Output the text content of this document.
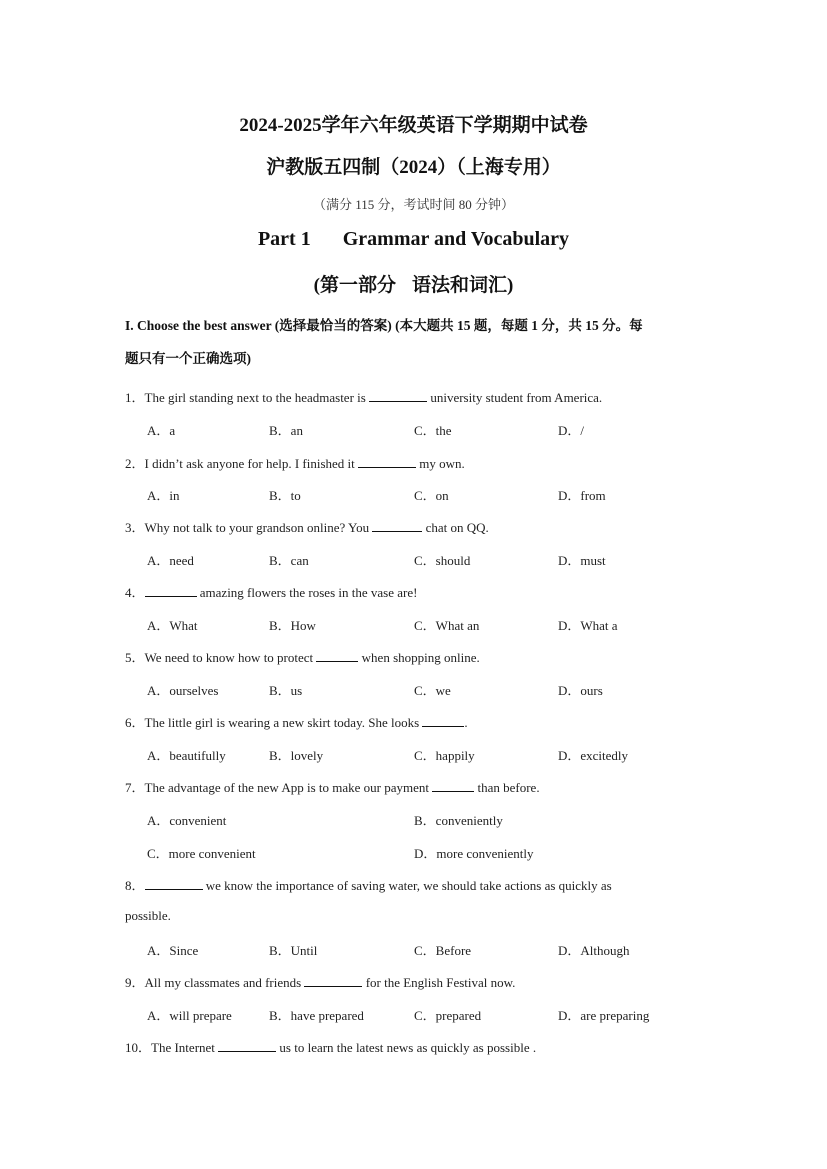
2024-2025学年六年级英语下学期期中试卷
沪教版五四制（2024）（上海专用）
（满分 115 分，考试时间 80 分钟）
Part 1 Grammar and Vocabulary
(第一部分 语法和词汇)
I. Choose the best answer (选择最恰当的答案) (本大题共 15 题，每题 1 分，共 15 分。每
题只有一个正确选项)
1．The girl standing next to the headmaster is	university student from America.
A．a	B．an	C．the	D．/
2．I didn’t ask anyone for help. I finished it	my own.
A．in	B．to	C．on	D．from
3．Why not talk to your grandson online? You	chat on QQ.
A．need	B．can	C．should	D．must
4．	amazing flowers the roses in the vase are!
A．What	B．How	C．What an	D．What a
5．We need to know how to protect	when shopping online.
A．ourselves	B．us	C．we	D．ours
6．The little girl is wearing a new skirt today. She looks	.
A．beautifully	B．lovely	C．happily	D．excitedly
7．The advantage of the new App is to make our payment	than before.
A．convenient	B．conveniently
C．more convenient	D．more conveniently
8．	we know the importance of saving water, we should take actions as quickly as
possible.
A．Since	B．Until	C．Before	D．Although
9．All my classmates and friends	for the English Festival now.
A．will prepare	B．have prepared	C．prepared	D．are preparing
10．The Internet	us to learn the latest news as quickly as possible .
